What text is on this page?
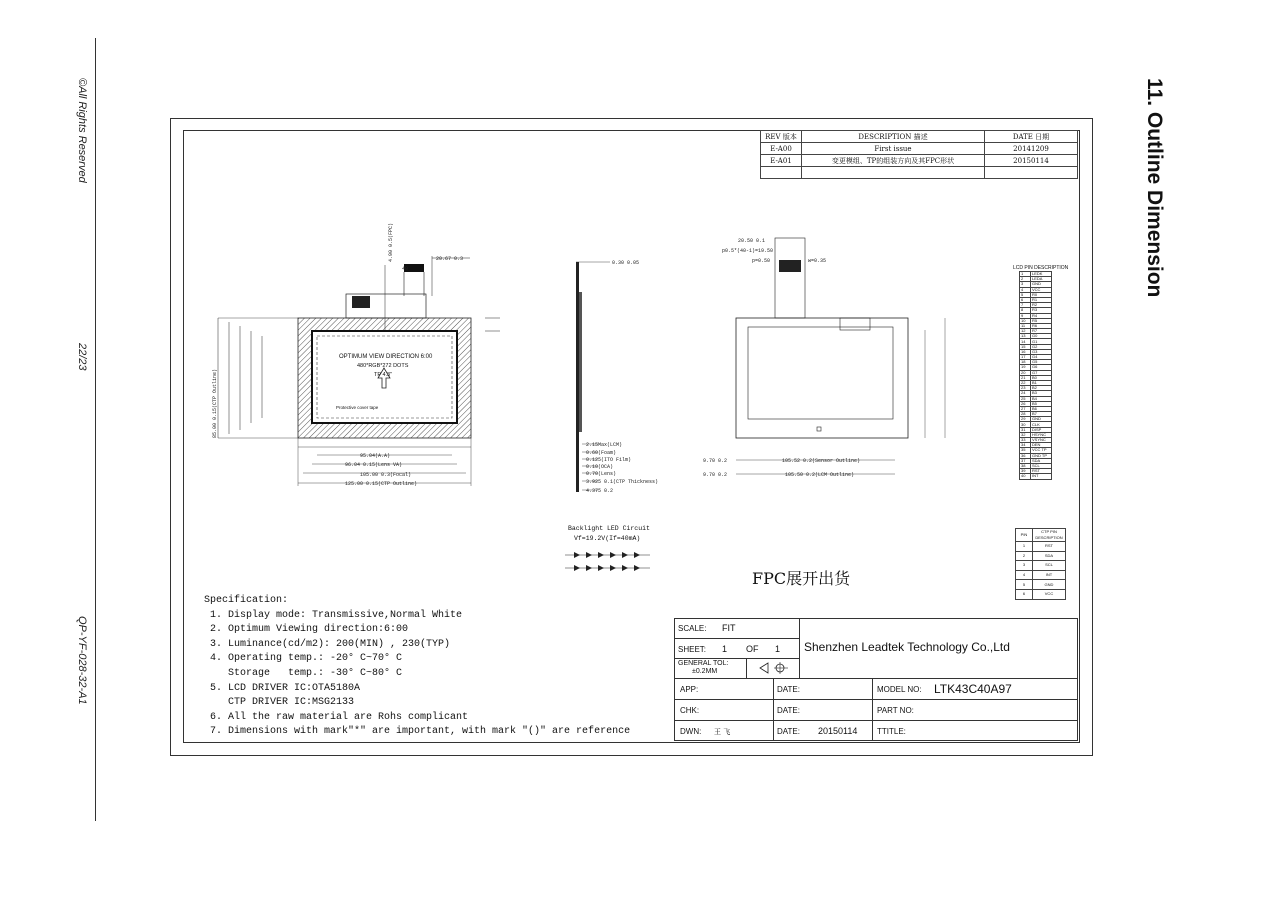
©All Rights Reserved
22/23
QP-YF-028-32-A1
11. Outline Dimension
REV 版本	DESCRIPTION 描述	DATE 日期
E-A00	First issue	20141209
E-A01	变更模组、TP的组装方向及其FPC形状	20150114

95.04(A.A)
96.04 0.15(Lens VA)
105.00 0.3(Focal)
125.00 0.15(CTP Outline)
20.67 0.3
40
85.00 0.15(CTP Outline)
4.90 0.5(FPC)
OPTIMUM VIEW DIRECTION 6:00
480*RGB*272 DOTS
TP 4.3"
Protective cover tape
0.30 0.05
2.15Max(LCM)
0.60(Foam)
0.125(ITO Film)
0.10(OCA)
0.70(Lens)
3.925 0.1(CTP Thickness)
4.375 0.2
20.50 0.1
p0.5*(40-1)=19.50
p=0.50	w=0.35
105.52 0.2(Sensor Outline)
105.50 0.2(LCM Outline)
9.70 0.2
9.70 0.2
Backlight LED Circuit
Vf=19.2V(If=40mA)
LCD PIN DESCRIPTION
1	LEDK
2	LEDA
3	GND
4	VCC
5	R0
6	R1
7	R2
8	R3
9	R4
10	R5
11	R6
12	R7
13	G0
14	G1
15	G2
16	G3
17	G4
18	G5
19	G6
20	G7
21	B0
22	B1
23	B2
24	B3
25	B4
26	B5
27	B6
28	B7
29	GND
30	CLK
31	DISP
32	HSYNC
33	VSYNC
34	DEN
35	VCC TP
36	GND TP
37	SDA
38	SCL
39	RST
40	INT
PIN	CTP PIN DESCRIPTION
1	RST
2	SDA
3	SCL
4	INT
5	GND
6	VCC
FPC展开出货
Specification:
1. Display mode: Transmissive,Normal White
2. Optimum Viewing direction:6:00
3. Luminance(cd/m2): 200(MIN) , 230(TYP)
4. Operating temp.: -20° C~70° C
Storage   temp.: -30° C~80° C
5. LCD DRIVER IC:OTA5180A
CTP DRIVER IC:MSG2133
6. All the raw material are Rohs complicant
7. Dimensions with mark"*" are important, with mark "()" are reference
SCALE: FIT
SHEET: 1 OF 1
GENERAL TOL:
±0.2MM
Shenzhen Leadtek Technology Co.,Ltd
APP:	DATE:	MODEL NO: LTK43C40A97
CHK:	DATE:	PART NO:
DWN: 王 飞	DATE: 20150114 TTITLE:
